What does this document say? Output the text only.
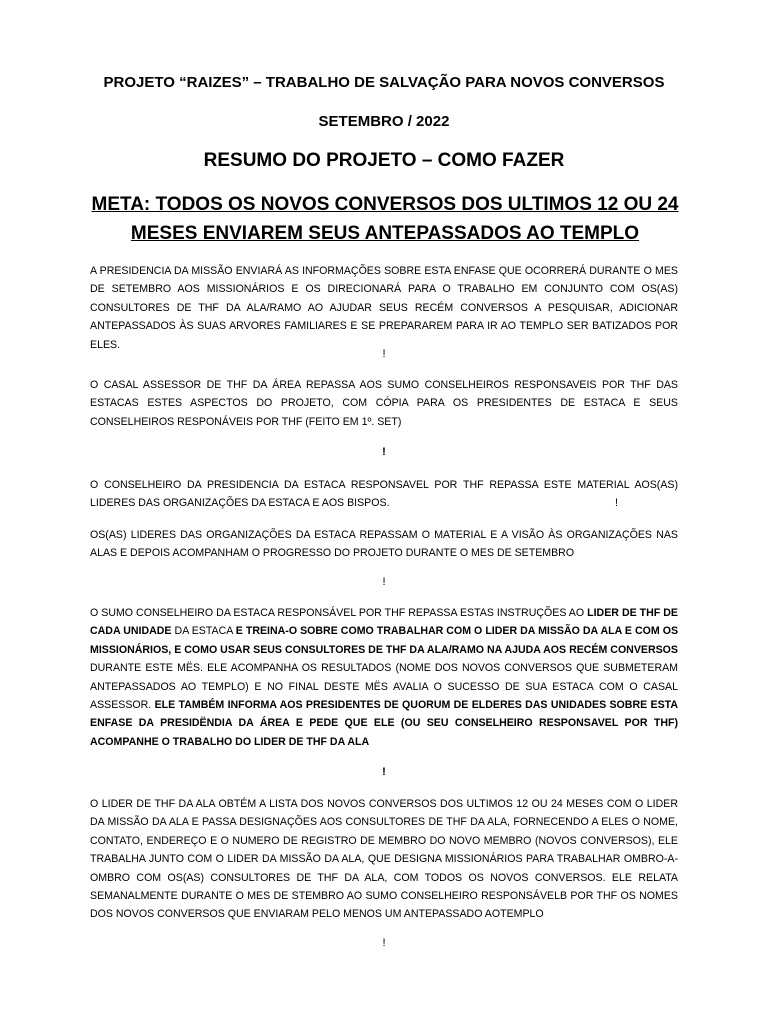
PROJETO “RAIZES” – TRABALHO DE SALVAÇÃO PARA NOVOS CONVERSOS
SETEMBRO / 2022
RESUMO DO PROJETO – COMO FAZER
META: TODOS OS NOVOS CONVERSOS DOS ULTIMOS 12 OU 24 MESES ENVIAREM SEUS ANTEPASSADOS AO TEMPLO
A PRESIDENCIA DA MISSÃO ENVIARÁ AS INFORMAÇÕES SOBRE ESTA ENFASE QUE OCORRERÁ DURANTE O MES DE SETEMBRO AOS MISSIONÁRIOS E OS DIRECIONARÁ PARA O TRABALHO EM CONJUNTO COM OS(AS) CONSULTORES DE THF DA ALA/RAMO AO AJUDAR SEUS RECÉM CONVERSOS A PESQUISAR, ADICIONAR ANTEPASSADOS ÀS SUAS ARVORES FAMILIARES E SE PREPARAREM PARA IR AO TEMPLO SER BATIZADOS POR ELES.
!
O CASAL ASSESSOR DE THF DA ÁREA REPASSA AOS SUMO CONSELHEIROS RESPONSAVEIS POR THF DAS ESTACAS ESTES ASPECTOS DO PROJETO, COM CÓPIA PARA OS PRESIDENTES DE ESTACA E SEUS CONSELHEIROS RESPONÁVEIS POR THF (FEITO EM 1º. SET)
!
O CONSELHEIRO DA PRESIDENCIA DA ESTACA RESPONSAVEL POR THF REPASSA ESTE MATERIAL AOS(AS) LIDERES DAS ORGANIZAÇÕES DA ESTACA E AOS BISPOS.	!
OS(AS) LIDERES DAS ORGANIZAÇÕES DA ESTACA REPASSAM O MATERIAL E A VISÃO ÀS ORGANIZAÇÕES NAS ALAS E DEPOIS ACOMPANHAM O PROGRESSO DO PROJETO DURANTE O MES DE SETEMBRO
!
O SUMO CONSELHEIRO DA ESTACA RESPONSÁVEL POR THF REPASSA ESTAS INSTRUÇÕES AO LIDER DE THF DE CADA UNIDADE DA ESTACA E TREINA-O SOBRE COMO TRABALHAR COM O LIDER DA MISSÃO DA ALA E COM OS MISSIONÁRIOS, E COMO USAR SEUS CONSULTORES DE THF DA ALA/RAMO NA AJUDA AOS RECÉM CONVERSOS DURANTE ESTE MËS. ELE ACOMPANHA OS RESULTADOS (NOME DOS NOVOS CONVERSOS QUE SUBMETERAM ANTEPASSADOS AO TEMPLO) E NO FINAL DESTE MËS AVALIA O SUCESSO DE SUA ESTACA COM O CASAL ASSESSOR. ELE TAMBÉM INFORMA AOS PRESIDENTES DE QUORUM DE ELDERES DAS UNIDADES SOBRE ESTA ENFASE DA PRESIDËNDIA DA ÁREA E PEDE QUE ELE (OU SEU CONSELHEIRO RESPONSAVEL POR THF) ACOMPANHE O TRABALHO DO LIDER DE THF DA ALA
!
O LIDER DE THF DA ALA OBTÉM A LISTA DOS NOVOS CONVERSOS DOS ULTIMOS 12 OU 24 MESES COM O LIDER DA MISSÃO DA ALA E PASSA DESIGNAÇÕES AOS CONSULTORES DE THF DA ALA, FORNECENDO A ELES O NOME, CONTATO, ENDEREÇO E O NUMERO DE REGISTRO DE MEMBRO DO NOVO MEMBRO (NOVOS CONVERSOS), ELE TRABALHA JUNTO COM O LIDER DA MISSÃO DA ALA, QUE DESIGNA MISSIONÁRIOS PARA TRABALHAR OMBRO-A-OMBRO COM OS(AS) CONSULTORES DE THF DA ALA, COM TODOS OS NOVOS CONVERSOS. ELE RELATA SEMANALMENTE DURANTE O MES DE STEMBRO AO SUMO CONSELHEIRO RESPONSÁVELB POR THF OS NOMES DOS NOVOS CONVERSOS QUE ENVIARAM PELO MENOS UM ANTEPASSADO AOTEMPLO
!
